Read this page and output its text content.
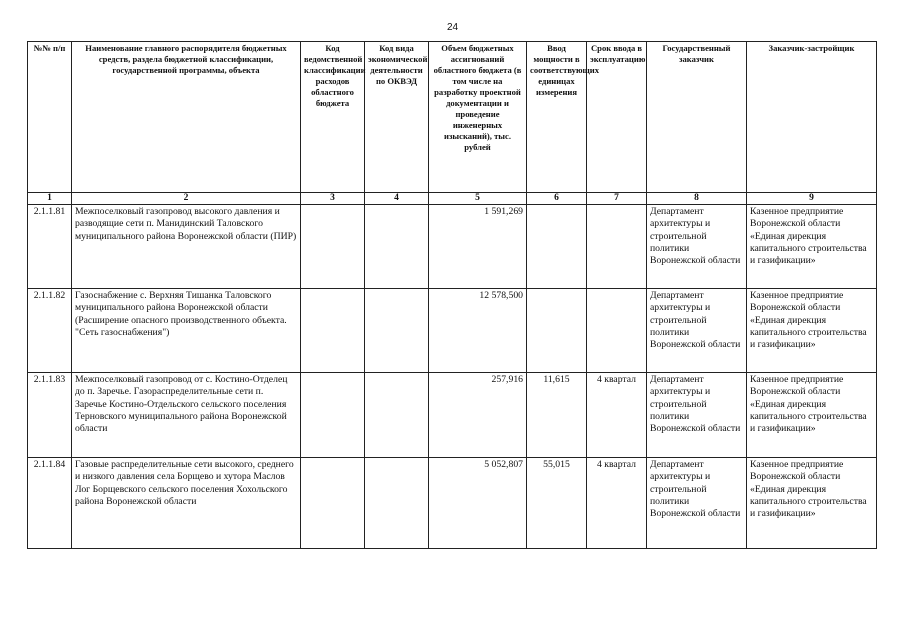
24
№№ п/п	Наименование главного распорядителя бюджетных средств, раздела бюджетной классификации, государственной программы, объекта	Код ведомственной классификации расходов областного бюджета	Код вида экономической деятельности по ОКВЭД	Объем бюджетных ассигнований областного бюджета (в том числе на разработку проектной документации и проведение инженерных изысканий), тыс. рублей	Ввод мощности в соответствующих единицах измерения	Срок ввода в эксплуатацию	Государственный заказчик	Заказчик-застройщик
1	2	3	4	5	6	7	8	9
2.1.1.81	Межпоселковый газопровод высокого давления и разводящие сети п. Манидинский Таловского муниципального района Воронежской области (ПИР)			1 591,269			Департамент архитектуры и строительной политики Воронежской области	Казенное предприятие Воронежской области «Единая дирекция капитального строительства и газификации»
2.1.1.82	Газоснабжение с. Верхняя Тишанка Таловского муниципального района Воронежской области (Расширение опасного производственного объекта. "Сеть газоснабжения")			12 578,500			Департамент архитектуры и строительной политики Воронежской области	Казенное предприятие Воронежской области «Единая дирекция капитального строительства и газификации»
2.1.1.83	Межпоселковый газопровод от с. Костино-Отделец до п. Заречье. Газораспределительные сети п. Заречье Костино-Отдельского сельского поселения Терновского муниципального района Воронежской области			257,916	11,615	4 квартал	Департамент архитектуры и строительной политики Воронежской области	Казенное предприятие Воронежской области «Единая дирекция капитального строительства и газификации»
2.1.1.84	Газовые распределительные сети высокого, среднего и низкого давления села Борщево и хутора Маслов Лог Борщевского сельского поселения Хохольского района Воронежской области			5 052,807	55,015	4 квартал	Департамент архитектуры и строительной политики Воронежской области	Казенное предприятие Воронежской области «Единая дирекция капитального строительства и газификации»
